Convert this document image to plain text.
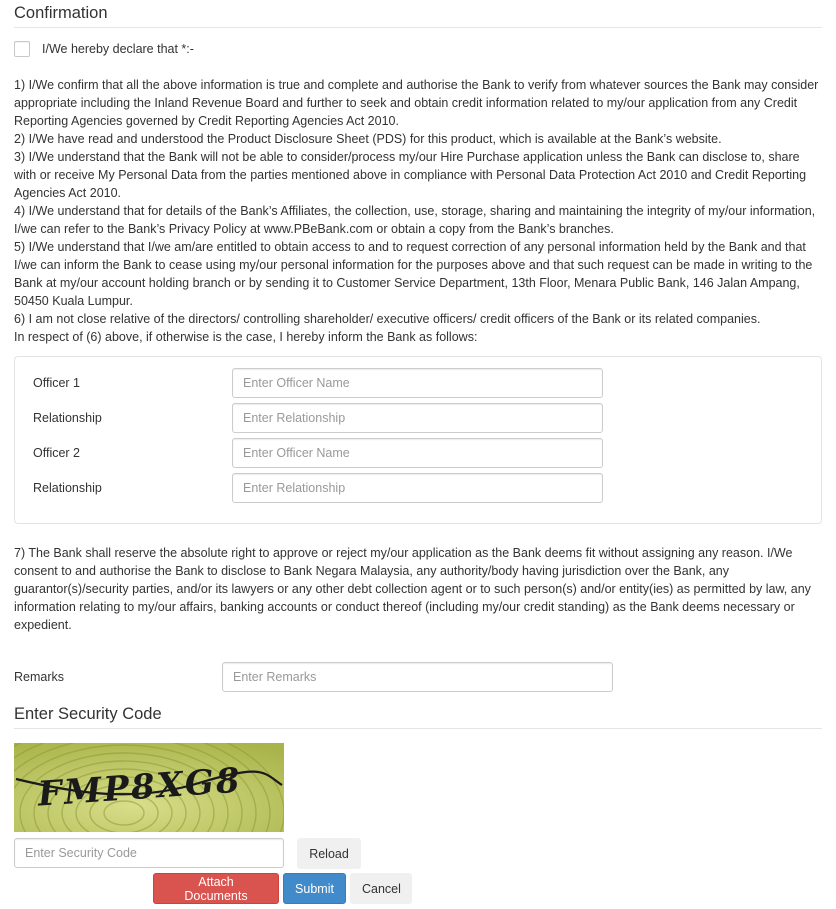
Confirmation
I/We hereby declare that *:-

1) I/We confirm that all the above information is true and complete and authorise the Bank to verify from whatever sources the Bank may consider appropriate including the Inland Revenue Board and further to seek and obtain credit information related to my/our application from any Credit Reporting Agencies governed by Credit Reporting Agencies Act 2010.

2) I/We have read and understood the Product Disclosure Sheet (PDS) for this product, which is available at the Bank’s website.

3) I/We understand that the Bank will not be able to consider/process my/our Hire Purchase application unless the Bank can disclose to, share with or receive My Personal Data from the parties mentioned above in compliance with Personal Data Protection Act 2010 and Credit Reporting Agencies Act 2010.

4) I/We understand that for details of the Bank’s Affiliates, the collection, use, storage, sharing and maintaining the integrity of my/our information, I/we can refer to the Bank’s Privacy Policy at www.PBeBank.com or obtain a copy from the Bank’s branches.

5) I/We understand that I/we am/are entitled to obtain access to and to request correction of any personal information held by the Bank and that I/we can inform the Bank to cease using my/our personal information for the purposes above and that such request can be made in writing to the Bank at my/our account holding branch or by sending it to Customer Service Department, 13th Floor, Menara Public Bank, 146 Jalan Ampang, 50450 Kuala Lumpur.

6) I am not close relative of the directors/ controlling shareholder/ executive officers/ credit officers of the Bank or its related companies.

In respect of (6) above, if otherwise is the case, I hereby inform the Bank as follows:

Officer 1
Enter Officer Name
Relationship
Enter Relationship
Officer 2
Enter Officer Name
Relationship
Enter Relationship

7) The Bank shall reserve the absolute right to approve or reject my/our application as the Bank deems fit without assigning any reason. I/We consent to and authorise the Bank to disclose to Bank Negara Malaysia, any authority/body having jurisdiction over the Bank, any guarantor(s)/security parties, and/or its lawyers or any other debt collection agent or to such person(s) and/or entity(ies) as permitted by law, any information relating to my/our affairs, banking accounts or conduct thereof (including my/our credit standing) as the Bank deems necessary or expedient.

Remarks
Enter Remarks
Enter Security Code
FMP8XG8
Enter Security Code
Reload
Attach Documents	Submit	Cancel
